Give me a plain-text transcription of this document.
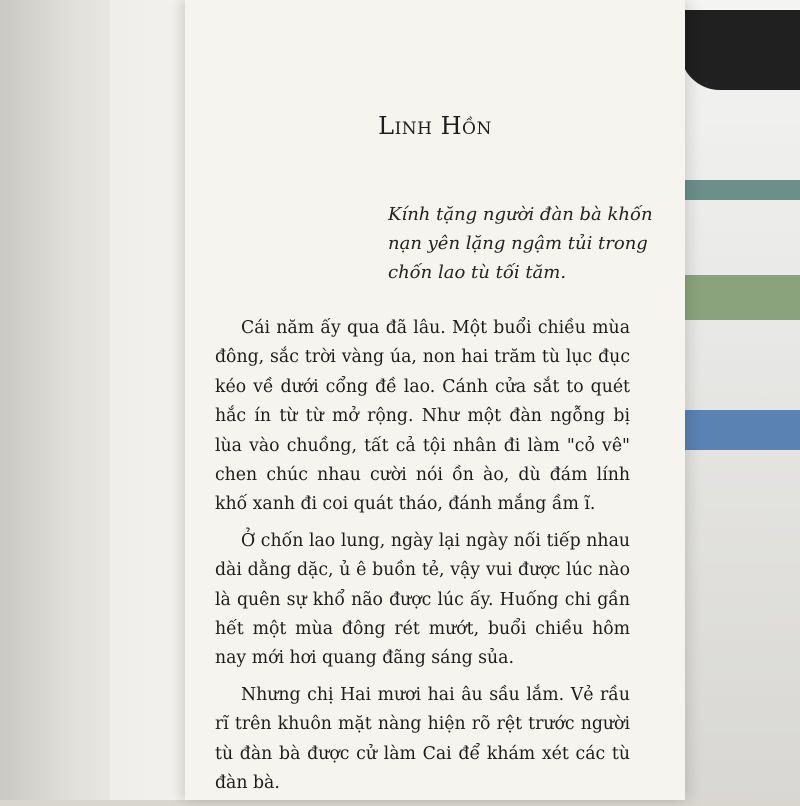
Linh Hồn
Kính tặng người đàn bà khốn nạn yên lặng ngậm tủi trong chốn lao tù tối tăm.

Cái năm ấy qua đã lâu. Một buổi chiều mùa đông, sắc trời vàng úa, non hai trăm tù lục đục kéo về dưới cổng đề lao. Cánh cửa sắt to quét hắc ín từ từ mở rộng. Như một đàn ngỗng bị lùa vào chuồng, tất cả tội nhân đi làm "cỏ vê" chen chúc nhau cười nói ồn ào, dù đám lính khố xanh đi coi quát tháo, đánh mắng ầm ĩ.

Ở chốn lao lung, ngày lại ngày nối tiếp nhau dài dằng dặc, ủ ê buồn tẻ, vậy vui được lúc nào là quên sự khổ não được lúc ấy. Huống chi gần hết một mùa đông rét mướt, buổi chiều hôm nay mới hơi quang đãng sáng sủa.

Nhưng chị Hai mươi hai âu sầu lắm. Vẻ rầu rĩ trên khuôn mặt nàng hiện rõ rệt trước người tù đàn bà được cử làm Cai để khám xét các tù đàn bà.
